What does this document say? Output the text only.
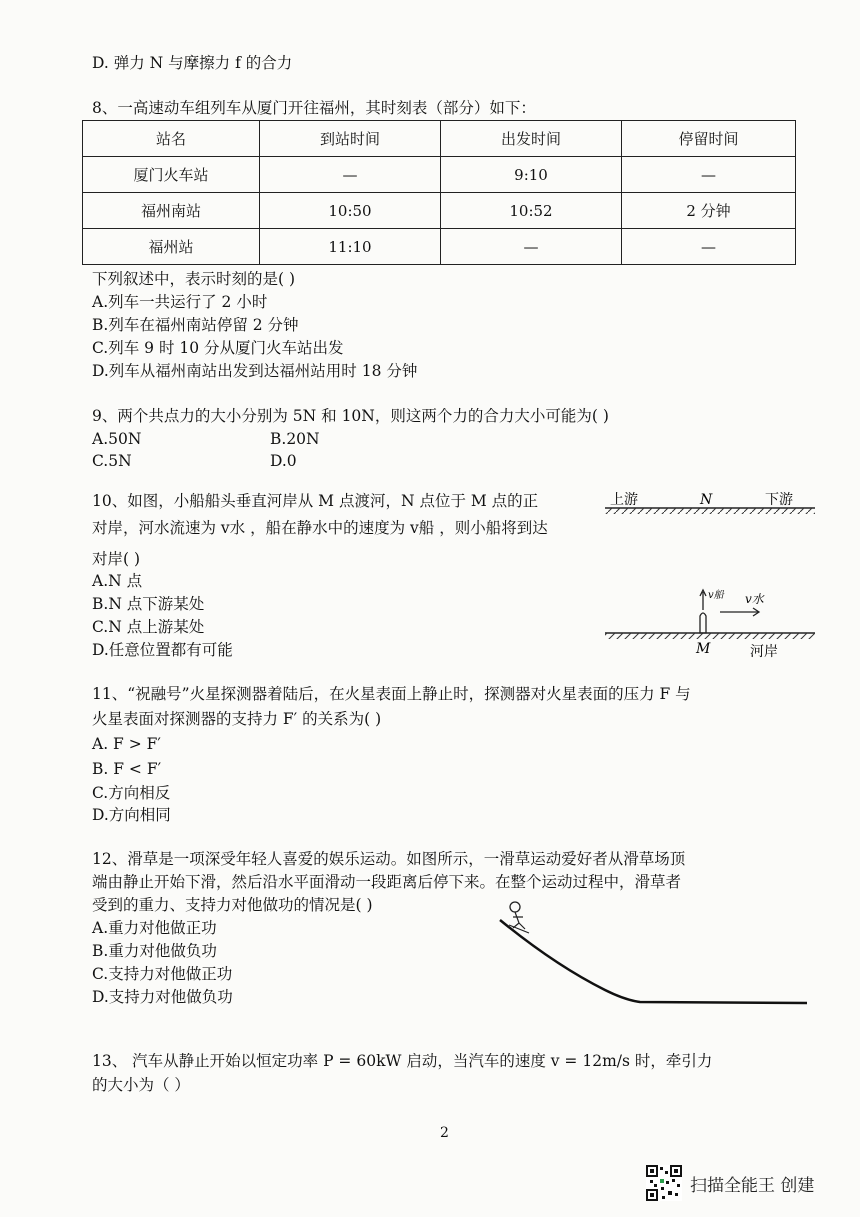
D. 弹力 N 与摩擦力 f 的合力
8、一高速动车组列车从厦门开往福州，其时刻表（部分）如下：
站名	到站时间	出发时间	停留时间
厦门火车站	—	9:10	—
福州南站	10:50	10:52	2 分钟
福州站	11:10	—	—
下列叙述中，表示时刻的是( )
A.列车一共运行了 2 小时
B.列车在福州南站停留 2 分钟
C.列车 9 时 10 分从厦门火车站出发
D.列车从福州南站出发到达福州站用时 18 分钟
9、两个共点力的大小分别为 5N 和 10N，则这两个力的合力大小可能为( )
A.50N	B.20N
C.5N	D.0
10、如图，小船船头垂直河岸从 M 点渡河，N 点位于 M 点的正
对岸，河水流速为 v水 ，船在静水中的速度为 v船 ，则小船将到达
对岸( )
A.N 点
B.N 点下游某处
C.N 点上游某处
D.任意位置都有可能
上游	下游
N
M	河岸
v船 v水
11、“祝融号”火星探测器着陆后，在火星表面上静止时，探测器对火星表面的压力 F 与
火星表面对探测器的支持力 F′ 的关系为( )
A. F > F′
B. F < F′
C.方向相反
D.方向相同
12、滑草是一项深受年轻人喜爱的娱乐运动。如图所示，一滑草运动爱好者从滑草场顶
端由静止开始下滑，然后沿水平面滑动一段距离后停下来。在整个运动过程中，滑草者
受到的重力、支持力对他做功的情况是( )
A.重力对他做正功
B.重力对他做负功
C.支持力对他做正功
D.支持力对他做负功
13、 汽车从静止开始以恒定功率 P = 60kW 启动，当汽车的速度 v = 12m/s 时，牵引力
的大小为（ ）
2
扫描全能王 创建
